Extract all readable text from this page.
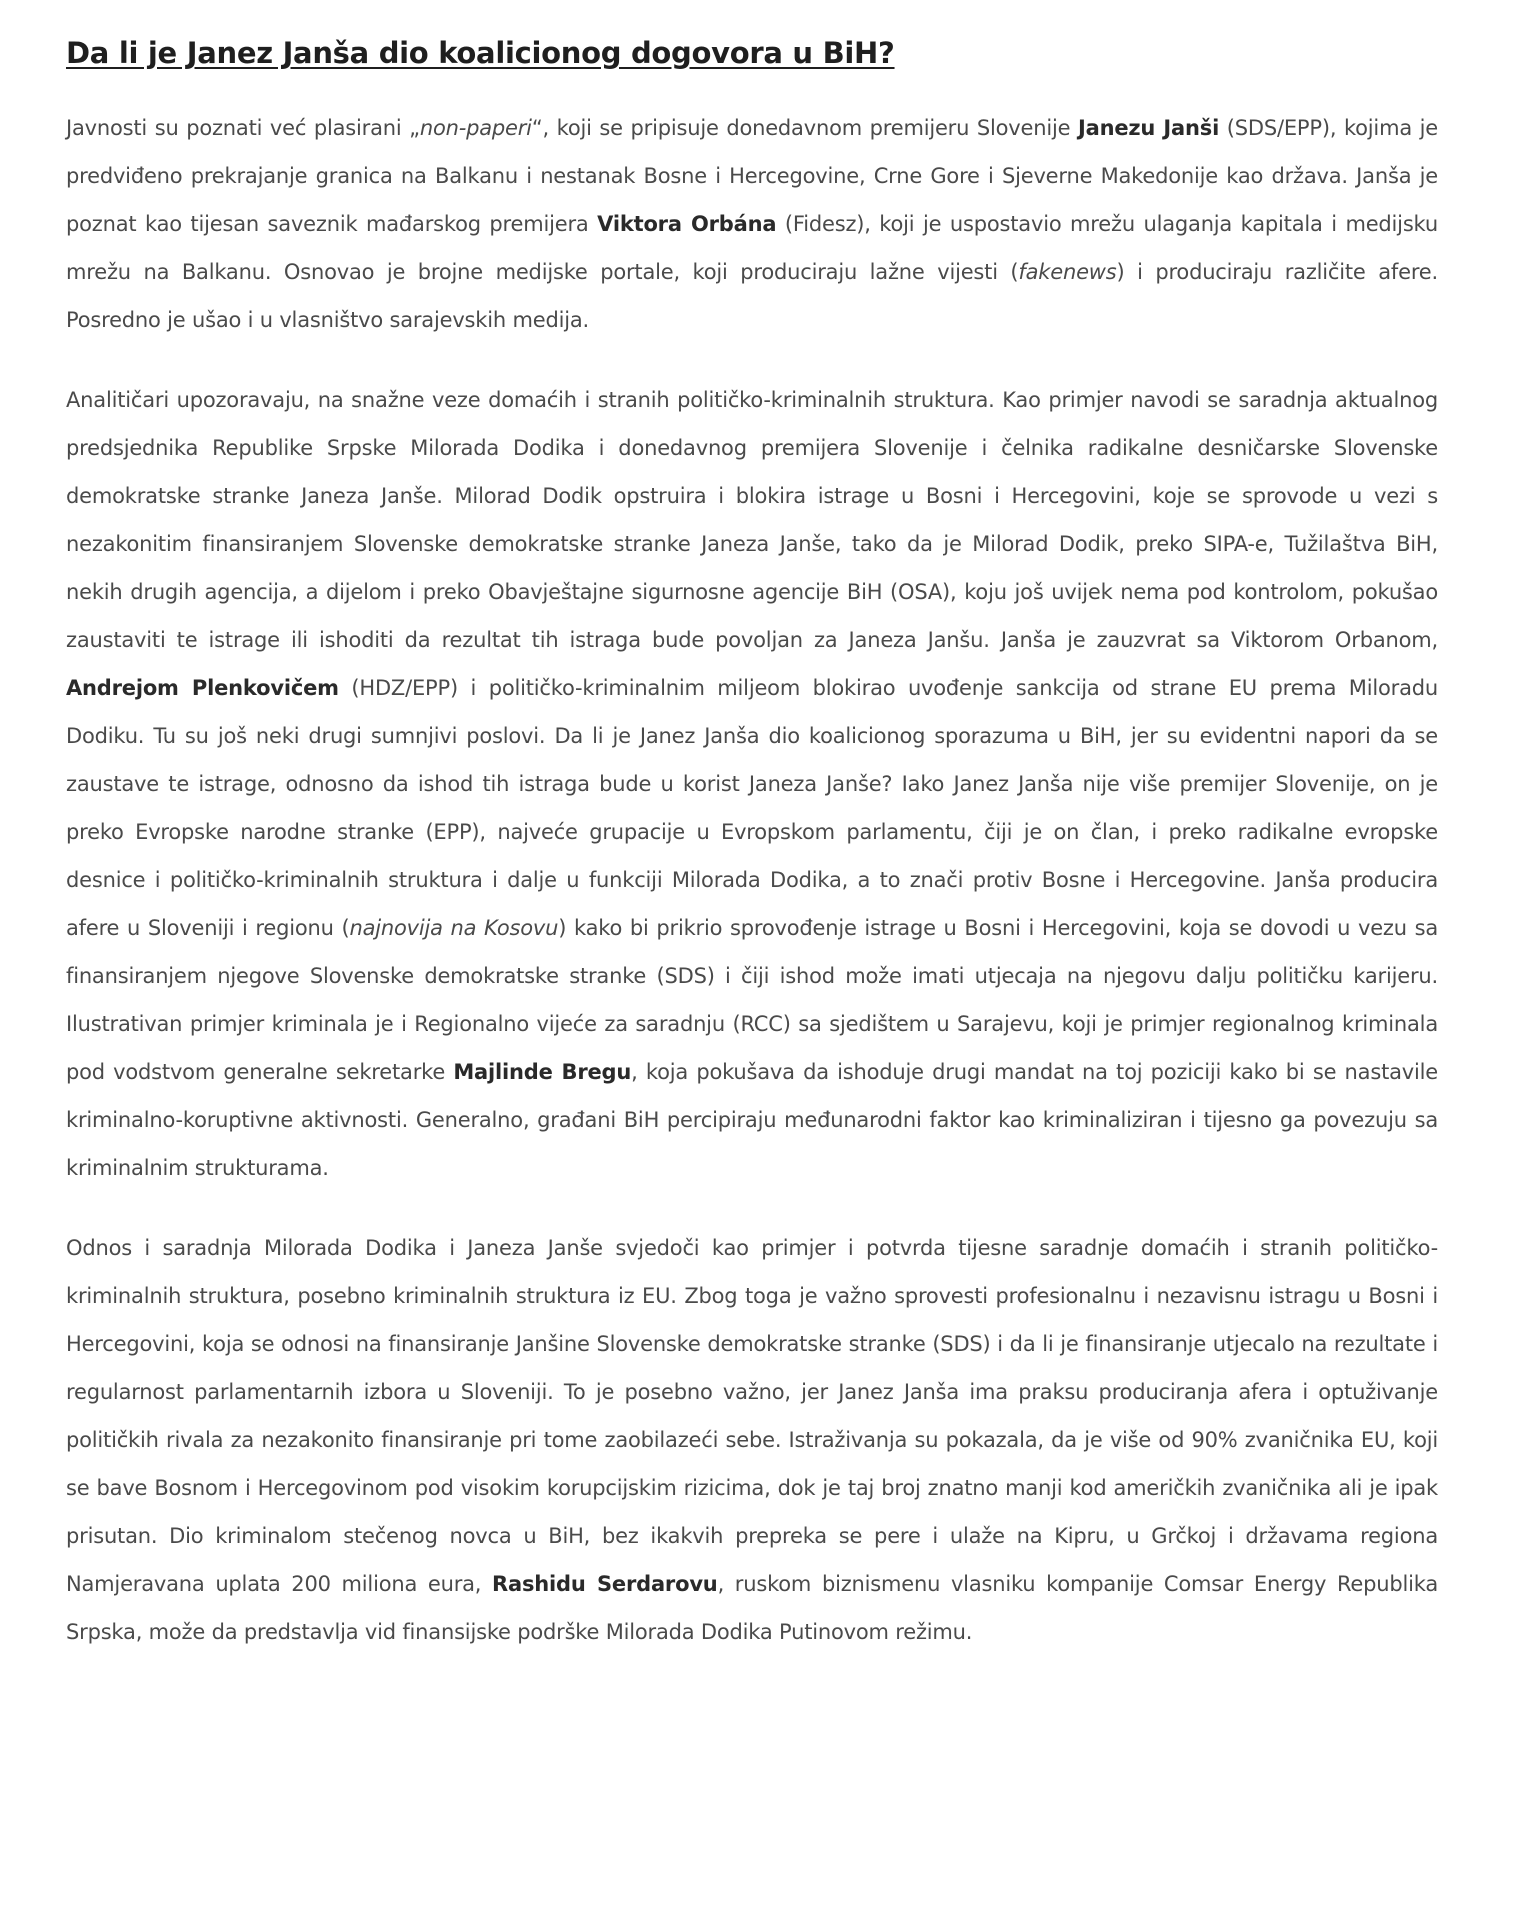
Da li je Janez Janša dio koalicionog dogovora u BiH?

Javnosti su poznati već plasirani „non-paperi“, koji se pripisuje donedavnom premijeru Slovenije Janezu Janši (SDS/EPP), kojima je predviđeno prekrajanje granica na Balkanu i nestanak Bosne i Hercegovine, Crne Gore i Sjeverne Makedonije kao država. Janša je poznat kao tijesan saveznik mađarskog premijera Viktora Orbána (Fidesz), koji je uspostavio mrežu ulaganja kapitala i medijsku mrežu na Balkanu. Osnovao je brojne medijske portale, koji produciraju lažne vijesti (fakenews) i produciraju različite afere. Posredno je ušao i u vlasništvo sarajevskih medija.

Analitičari upozoravaju, na snažne veze domaćih i stranih političko-kriminalnih struktura. Kao primjer navodi se saradnja aktualnog predsjednika Republike Srpske Milorada Dodika i donedavnog premijera Slovenije i čelnika radikalne desničarske Slovenske demokratske stranke Janeza Janše. Milorad Dodik opstruira i blokira istrage u Bosni i Hercegovini, koje se sprovode u vezi s nezakonitim finansiranjem Slovenske demokratske stranke Janeza Janše, tako da je Milorad Dodik, preko SIPA-e, Tužilaštva BiH, nekih drugih agencija, a dijelom i preko Obavještajne sigurnosne agencije BiH (OSA), koju još uvijek nema pod kontrolom, pokušao zaustaviti te istrage ili ishoditi da rezultat tih istraga bude povoljan za Janeza Janšu. Janša je zauzvrat sa Viktorom Orbanom, Andrejom Plenkovičem (HDZ/EPP) i političko-kriminalnim miljeom blokirao uvođenje sankcija od strane EU prema Miloradu Dodiku. Tu su još neki drugi sumnjivi poslovi. Da li je Janez Janša dio koalicionog sporazuma u BiH, jer su evidentni napori da se zaustave te istrage, odnosno da ishod tih istraga bude u korist Janeza Janše? Iako Janez Janša nije više premijer Slovenije, on je preko Evropske narodne stranke (EPP), najveće grupacije u Evropskom parlamentu, čiji je on član, i preko radikalne evropske desnice i političko-kriminalnih struktura i dalje u funkciji Milorada Dodika, a to znači protiv Bosne i Hercegovine. Janša producira afere u Sloveniji i regionu (najnovija na Kosovu) kako bi prikrio sprovođenje istrage u Bosni i Hercegovini, koja se dovodi u vezu sa finansiranjem njegove Slovenske demokratske stranke (SDS) i čiji ishod može imati utjecaja na njegovu dalju političku karijeru. Ilustrativan primjer kriminala je i Regionalno vijeće za saradnju (RCC) sa sjedištem u Sarajevu, koji je primjer regionalnog kriminala pod vodstvom generalne sekretarke Majlinde Bregu, koja pokušava da ishoduje drugi mandat na toj poziciji kako bi se nastavile kriminalno-koruptivne aktivnosti. Generalno, građani BiH percipiraju međunarodni faktor kao kriminaliziran i tijesno ga povezuju sa kriminalnim strukturama.

Odnos i saradnja Milorada Dodika i Janeza Janše svjedoči kao primjer i potvrda tijesne saradnje domaćih i stranih političko-kriminalnih struktura, posebno kriminalnih struktura iz EU. Zbog toga je važno sprovesti profesionalnu i nezavisnu istragu u Bosni i Hercegovini, koja se odnosi na finansiranje Janšine Slovenske demokratske stranke (SDS) i da li je finansiranje utjecalo na rezultate i regularnost parlamentarnih izbora u Sloveniji. To je posebno važno, jer Janez Janša ima praksu produciranja afera i optuživanje političkih rivala za nezakonito finansiranje pri tome zaobilazeći sebe. Istraživanja su pokazala, da je više od 90% zvaničnika EU, koji se bave Bosnom i Hercegovinom pod visokim korupcijskim rizicima, dok je taj broj znatno manji kod američkih zvaničnika ali je ipak prisutan. Dio kriminalom stečenog novca u BiH, bez ikakvih prepreka se pere i ulaže na Kipru, u Grčkoj i državama regiona Namjeravana uplata 200 miliona eura, Rashidu Serdarovu, ruskom biznismenu vlasniku kompanije Comsar Energy Republika Srpska, može da predstavlja vid finansijske podrške Milorada Dodika Putinovom režimu.
